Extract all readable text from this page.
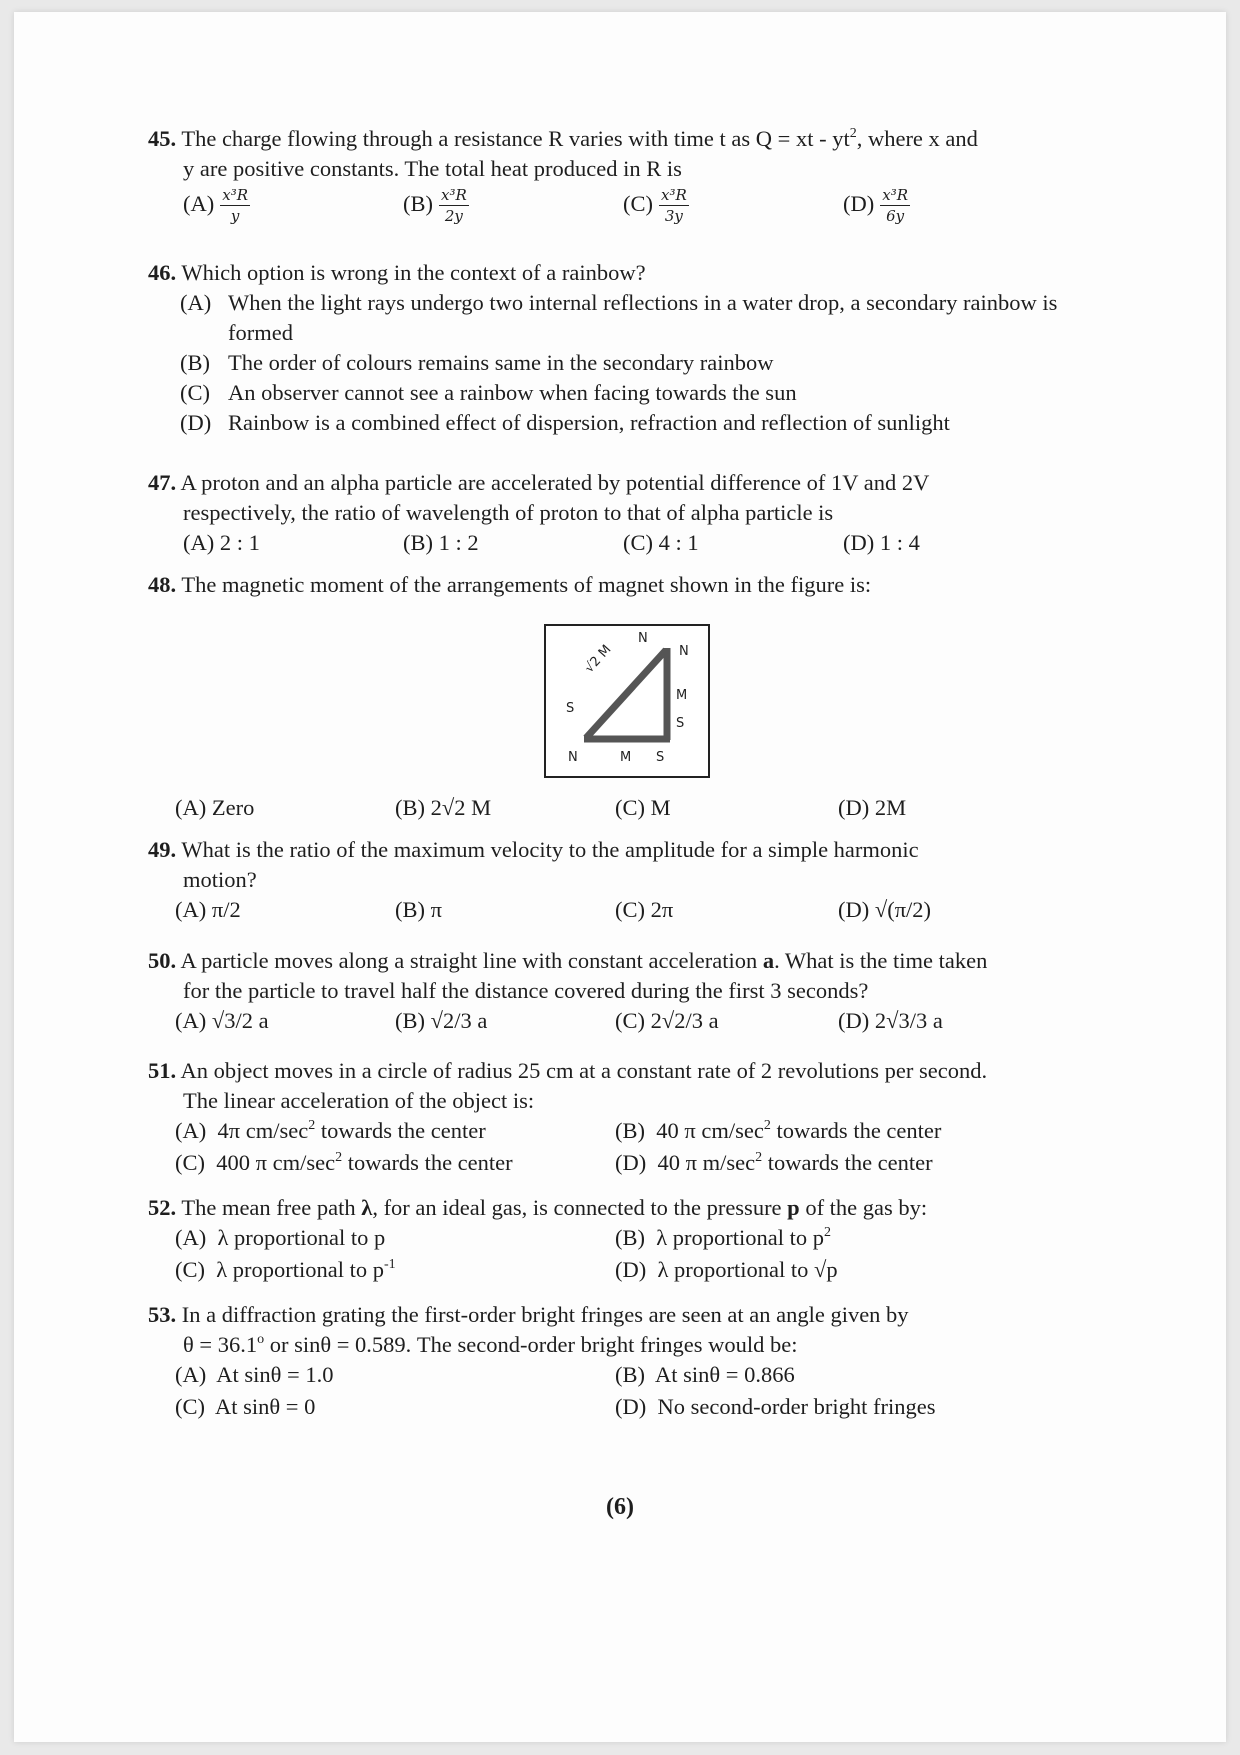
45. The charge flowing through a resistance R varies with time t as Q = xt - $yt^2$, where x and
y are positive constants. The total heat produced in R is
$(A) \frac{\text{x³R}}{y}$	$(B) \frac{\text{x³R}}{2y}$	$(C) \frac{\text{x³R}}{3y}$	$(D) \frac{\text{x³R}}{6y}$
46. Which option is wrong in the context of a rainbow?
(A) When the light rays undergo two internal reflections in a water drop, a secondary rainbow is formed
(B) The order of colours remains same in the secondary rainbow
(C) An observer cannot see a rainbow when facing towards the sun
(D) Rainbow is a combined effect of dispersion, refraction and reflection of sunlight
47. A proton and an alpha particle are accelerated by potential difference of 1V and 2V
respectively, the ratio of wavelength of proton to that of alpha particle is
(A) 2 : 1	(B) 1 : 2	(C) 4 : 1	(D) 1 : 4
48. The magnetic moment of the arrangements of magnet shown in the figure is:
N
N
M
S
S
N	M S
√2 M
(A) Zero	(B) 2√2 M	(C) M	(D) 2M
49. What is the ratio of the maximum velocity to the amplitude for a simple harmonic
motion?
(A) π/2	(B) π	(C) 2π	(D) √(π/2)
50. A particle moves along a straight line with constant acceleration a. What is the time taken
for the particle to travel half the distance covered during the first 3 seconds?
(A) √3/2 a	(B) √2/3 a	(C) 2√2/3 a	(D) 2√3/3 a
51. An object moves in a circle of radius 25 cm at a constant rate of 2 revolutions per second.
The linear acceleration of the object is:
(A) 4π $cm/\sec^2$ towards the center	(B) 40 π $cm/\sec^2$ towards the center
(C) 400 π $cm/\sec^2$ towards the center	(D) 40 π $m/\sec^2$ towards the center
52. The mean free path λ, for an ideal gas, is connected to the pressure p of the gas by:
(A) λ proportional to p	(B) λ proportional to $p^2$
(C) λ proportional to $p^{-1}$	(D) λ proportional to √p
53. In a diffraction grating the first-order bright fringes are seen at an angle given by
$\theta = 36.1^o$ or sinθ = 0.589. The second-order bright fringes would be:
(A) At sinθ = 1.0	(B) At sinθ = 0.866
(C) At sinθ = 0	(D) No second-order bright fringes
(6)
